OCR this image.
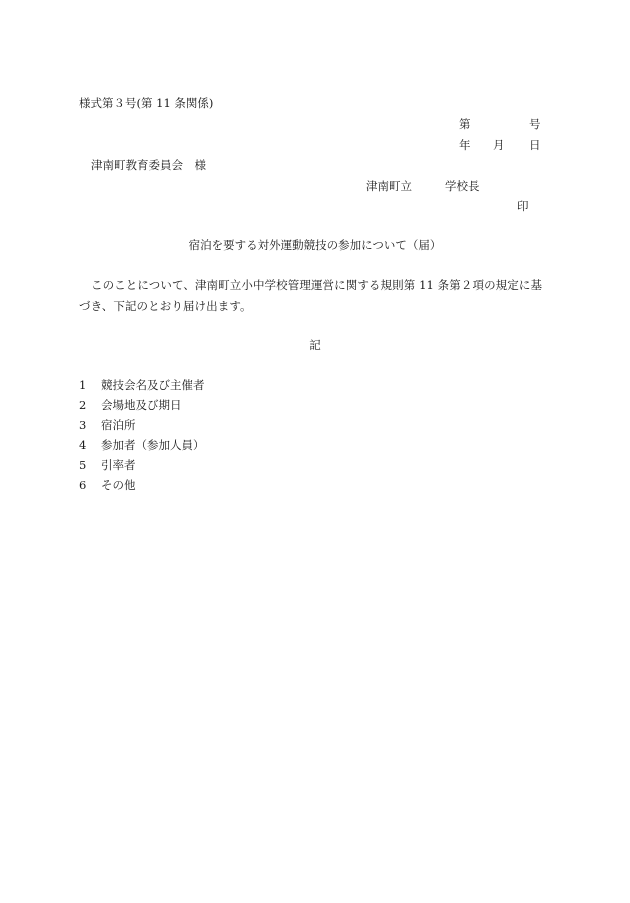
様式第３号(第 11 条関係)
第	号
年 月 日
津南町教育委員会　様
津南町立	学校長
印
宿泊を要する対外運動競技の参加について（届）
このことについて、津南町立小中学校管理運営に関する規則第 11 条第２項の規定に基づき、下記のとおり届け出ます。
記
1 競技会名及び主催者
2 会場地及び期日
3 宿泊所
4 参加者（参加人員）
5 引率者
6 その他
